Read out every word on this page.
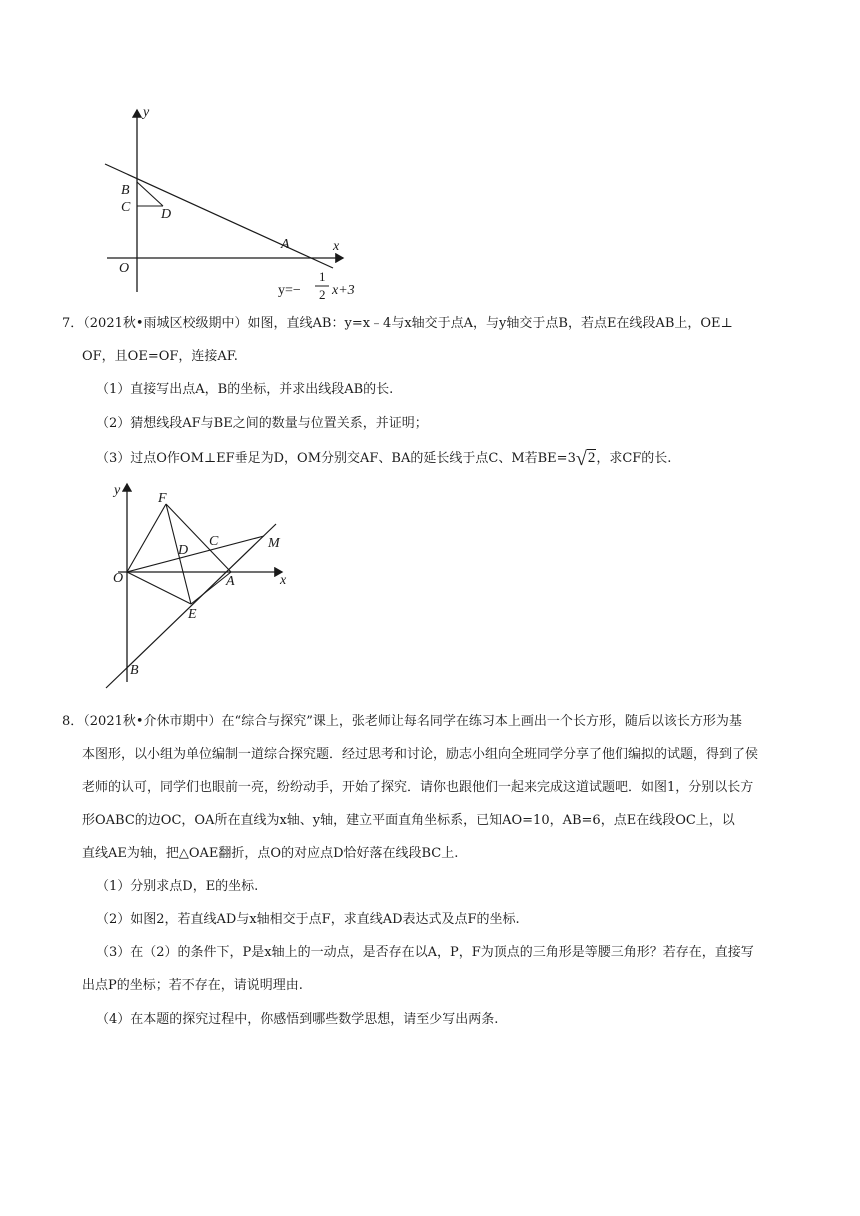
y
x
O
B
C D
A
y=−
1
2 x+3
7．（2021秋•雨城区校级期中）如图，直线AB：y=x﹣4与x轴交于点A，与y轴交于点B，若点E在线段AB上，OE⊥
OF，且OE=OF，连接AF.
（1）直接写出点A，B的坐标，并求出线段AB的长.
（2）猜想线段AF与BE之间的数量与位置关系，并证明；
（3）过点O作OM⊥EF垂足为D，OM分别交AF、BA的延长线于点C、M若BE=3√2，求CF的长.
y
x
F
D
C	M
O	A
E
B
8．（2021秋•介休市期中）在“综合与探究”课上，张老师让每名同学在练习本上画出一个长方形，随后以该长方形为基
本图形，以小组为单位编制一道综合探究题．经过思考和讨论，励志小组向全班同学分享了他们编拟的试题，得到了侯
老师的认可，同学们也眼前一亮，纷纷动手，开始了探究．请你也跟他们一起来完成这道试题吧．如图1，分别以长方
形OABC的边OC，OA所在直线为x轴、y轴，建立平面直角坐标系，已知AO=10，AB=6，点E在线段OC上，以
直线AE为轴，把△OAE翻折，点O的对应点D恰好落在线段BC上.
（1）分别求点D，E的坐标.
（2）如图2，若直线AD与x轴相交于点F，求直线AD表达式及点F的坐标.
（3）在（2）的条件下，P是x轴上的一动点，是否存在以A，P，F为顶点的三角形是等腰三角形？若存在，直接写
出点P的坐标；若不存在，请说明理由.
（4）在本题的探究过程中，你感悟到哪些数学思想，请至少写出两条.
